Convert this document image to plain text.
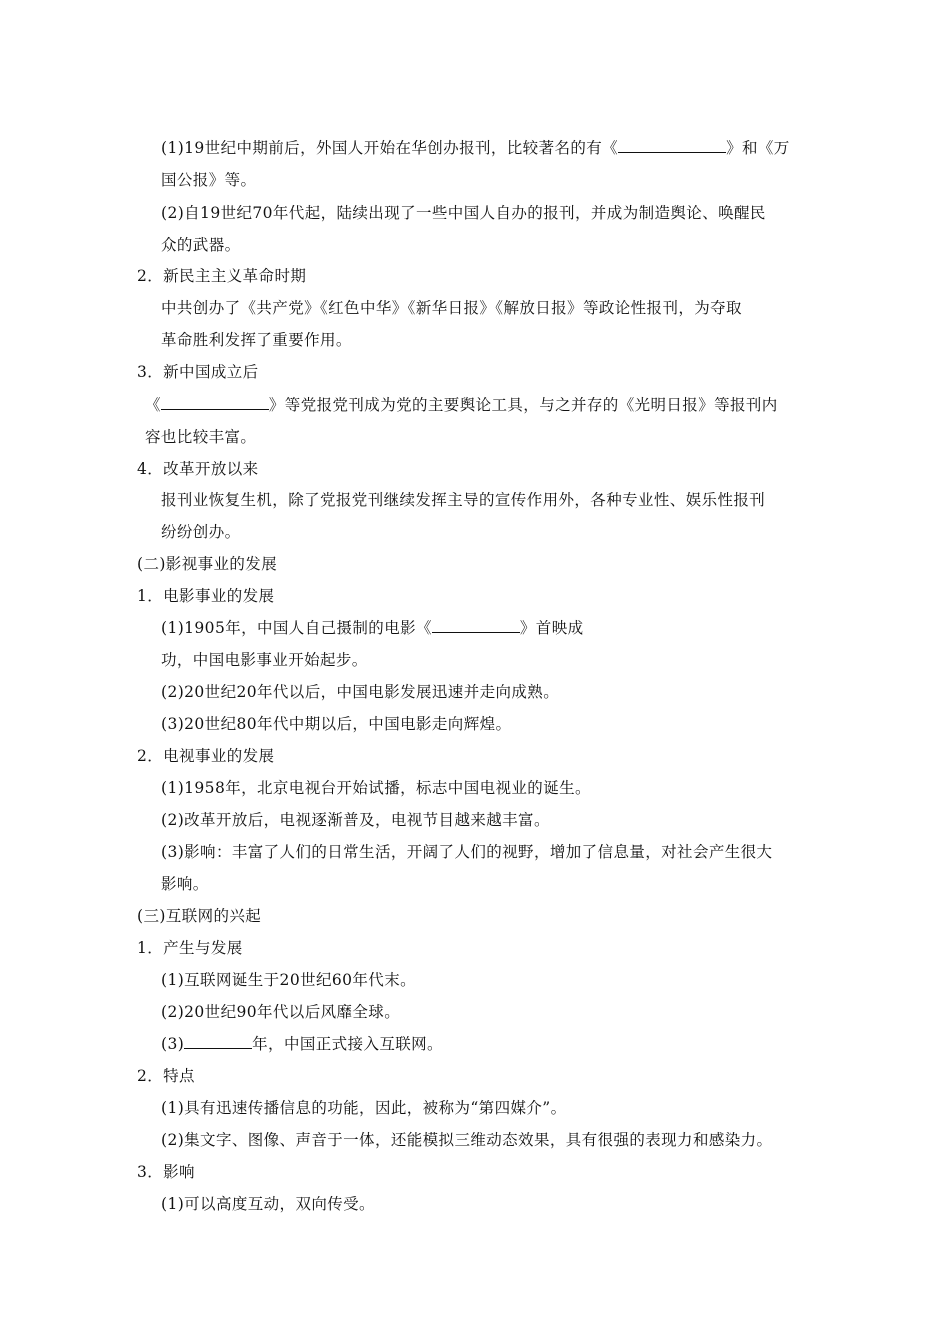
(1)19世纪中期前后，外国人开始在华创办报刊，比较著名的有《	》和《万
国公报》等。
(2)自19世纪70年代起，陆续出现了一些中国人自办的报刊，并成为制造舆论、唤醒民
众的武器。
2．新民主主义革命时期
中共创办了《共产党》《红色中华》《新华日报》《解放日报》等政论性报刊，为夺取
革命胜利发挥了重要作用。
3．新中国成立后
《	》等党报党刊成为党的主要舆论工具，与之并存的《光明日报》等报刊内
容也比较丰富。
4．改革开放以来
报刊业恢复生机，除了党报党刊继续发挥主导的宣传作用外，各种专业性、娱乐性报刊
纷纷创办。
(二)影视事业的发展
1．电影事业的发展
(1)1905年，中国人自己摄制的电影《	》首映成
功，中国电影事业开始起步。
(2)20世纪20年代以后，中国电影发展迅速并走向成熟。
(3)20世纪80年代中期以后，中国电影走向辉煌。
2．电视事业的发展
(1)1958年，北京电视台开始试播，标志中国电视业的诞生。
(2)改革开放后，电视逐渐普及，电视节目越来越丰富。
(3)影响：丰富了人们的日常生活，开阔了人们的视野，增加了信息量，对社会产生很大
影响。
(三)互联网的兴起
1．产生与发展
(1)互联网诞生于20世纪60年代末。
(2)20世纪90年代以后风靡全球。
(3)	年，中国正式接入互联网。
2．特点
(1)具有迅速传播信息的功能，因此，被称为“第四媒介”。
(2)集文字、图像、声音于一体，还能模拟三维动态效果，具有很强的表现力和感染力。
3．影响
(1)可以高度互动，双向传受。
